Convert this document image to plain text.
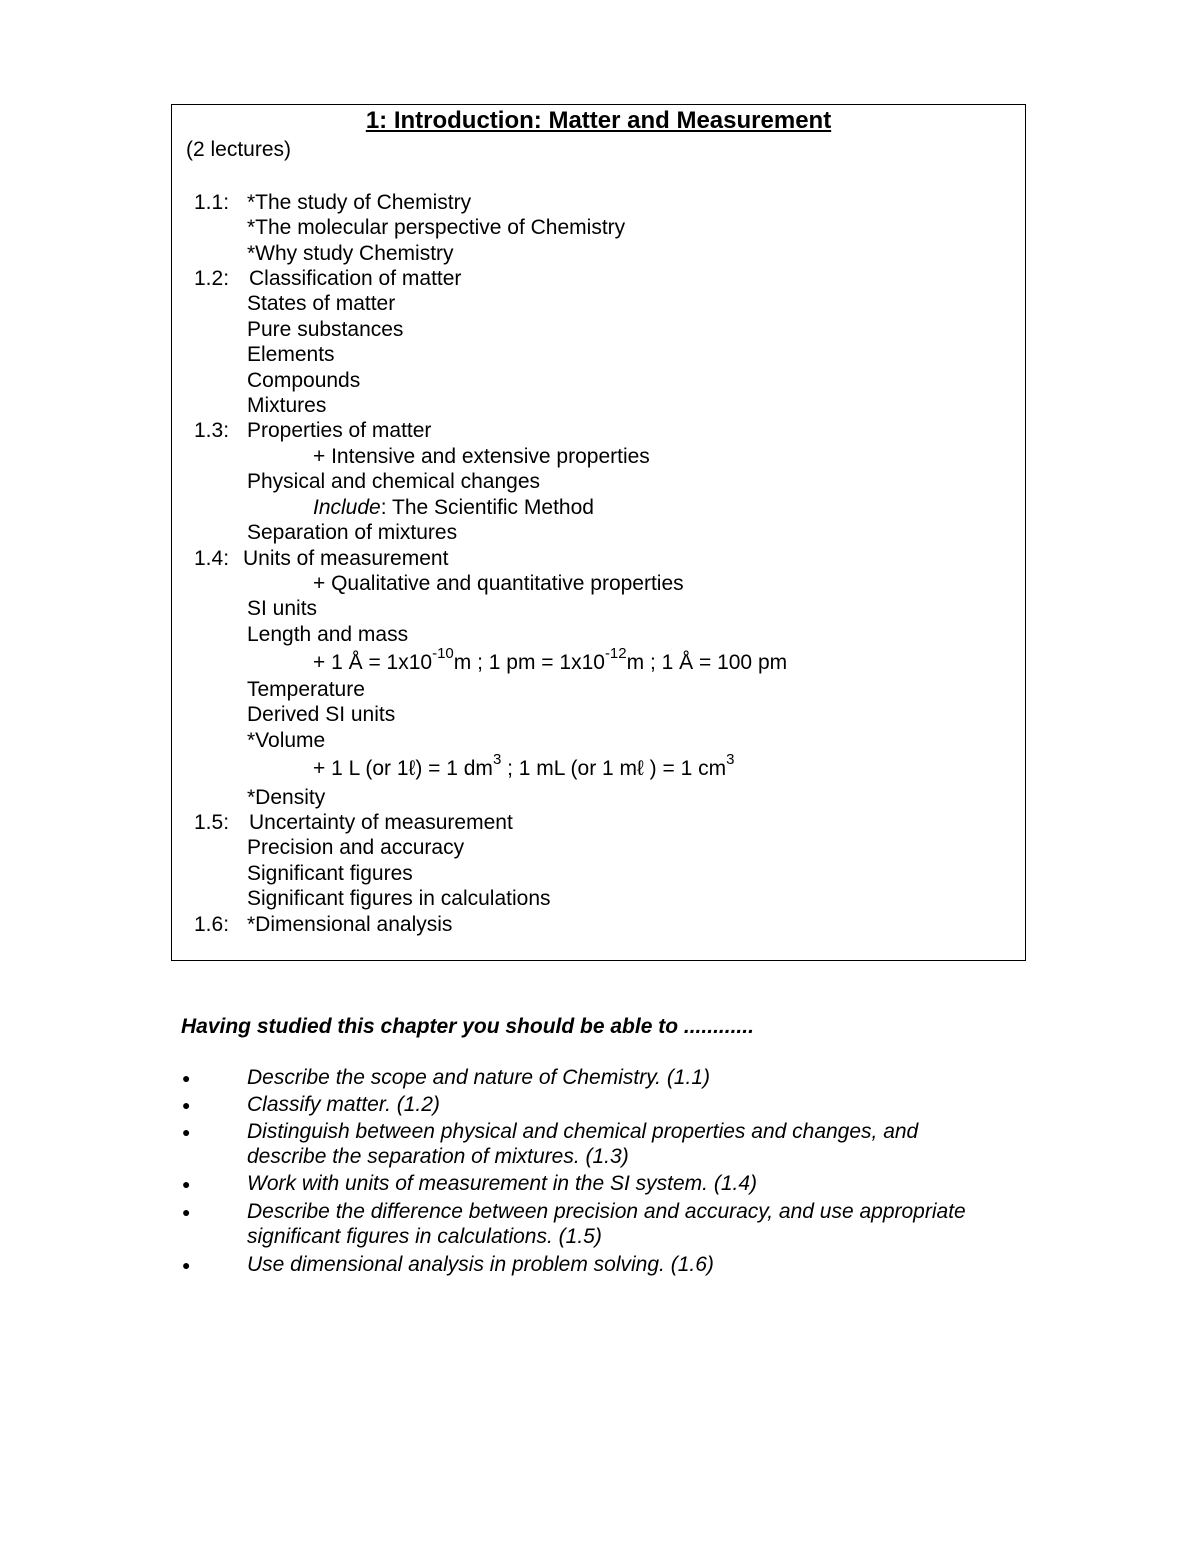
1: Introduction: Matter and Measurement
(2 lectures)
1.1: *The study of Chemistry
*The molecular perspective of Chemistry
*Why study Chemistry
1.2: Classification of matter
States of matter
Pure substances
Elements
Compounds
Mixtures
1.3: Properties of matter
+ Intensive and extensive properties
Physical and chemical changes
Include: The Scientific Method
Separation of mixtures
1.4: Units of measurement
+ Qualitative and quantitative properties
SI units
Length and mass
+ 1 Å = $1x10^{-10}m$ ; 1 pm = $1x10^{-12}m$ ; 1 Å = 100 pm
Temperature
Derived SI units
*Volume
+ 1 L (or 1ℓ) = 1 $dm^3$ ; 1 mL (or 1 mℓ ) = 1 $cm^3$
*Density
1.5: Uncertainty of measurement
Precision and accuracy
Significant figures
Significant figures in calculations
1.6: *Dimensional analysis
Having studied this chapter you should be able to ............
●	Describe the scope and nature of Chemistry. (1.1)
●	Classify matter. (1.2)
●	Distinguish between physical and chemical properties and changes, and
describe the separation of mixtures. (1.3)
●	Work with units of measurement in the SI system. (1.4)
●	Describe the difference between precision and accuracy, and use appropriate
significant figures in calculations. (1.5)
●	Use dimensional analysis in problem solving. (1.6)
